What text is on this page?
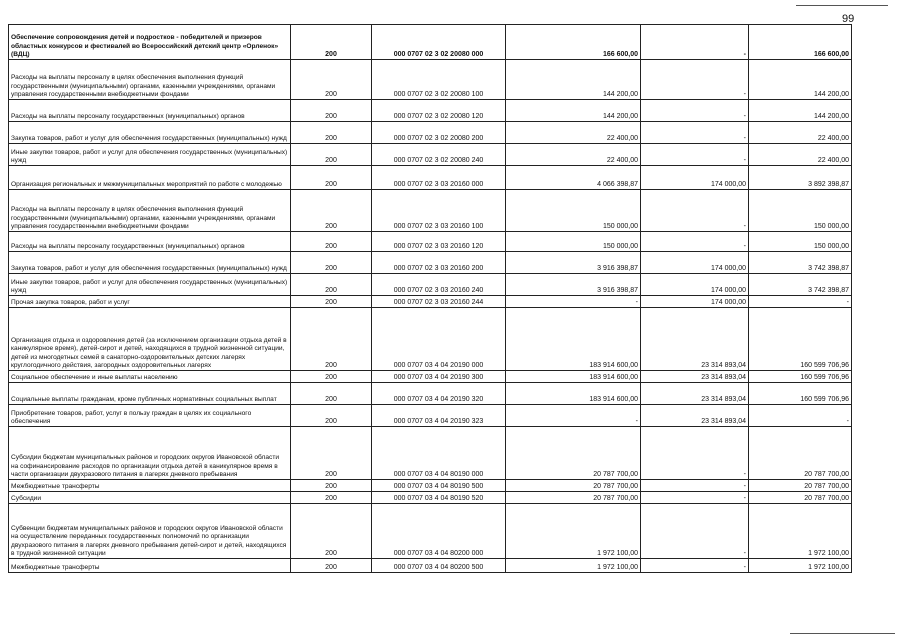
99
Обеспечение сопровождения детей и подростков - победителей и призеров областных конкурсов и фестивалей во Всероссийский детский центр «Орленок» (ВДЦ)	200	000 0707 02 3 02 20080 000	166 600,00	-	166 600,00
Расходы на выплаты персоналу в целях обеспечения выполнения функций государственными (муниципальными) органами, казенными учреждениями, органами управления государственными внебюджетными фондами	200	000 0707 02 3 02 20080 100	144 200,00	-	144 200,00
Расходы на выплаты персоналу государственных (муниципальных) органов	200	000 0707 02 3 02 20080 120	144 200,00	-	144 200,00
Закупка товаров, работ и услуг для обеспечения государственных (муниципальных) нужд	200	000 0707 02 3 02 20080 200	22 400,00	-	22 400,00
Иные закупки товаров, работ и услуг для обеспечения государственных (муниципальных) нужд	200	000 0707 02 3 02 20080 240	22 400,00	-	22 400,00
Организация региональных и межмуниципальных мероприятий по работе с молодежью	200	000 0707 02 3 03 20160 000	4 066 398,87	174 000,00	3 892 398,87
Расходы на выплаты персоналу в целях обеспечения выполнения функций государственными (муниципальными) органами, казенными учреждениями, органами управления государственными внебюджетными фондами	200	000 0707 02 3 03 20160 100	150 000,00	-	150 000,00
Расходы на выплаты персоналу государственных (муниципальных) органов	200	000 0707 02 3 03 20160 120	150 000,00	-	150 000,00
Закупка товаров, работ и услуг для обеспечения государственных (муниципальных) нужд	200	000 0707 02 3 03 20160 200	3 916 398,87	174 000,00	3 742 398,87
Иные закупки товаров, работ и услуг для обеспечения государственных (муниципальных) нужд	200	000 0707 02 3 03 20160 240	3 916 398,87	174 000,00	3 742 398,87
Прочая закупка товаров, работ и услуг	200	000 0707 02 3 03 20160 244	-	174 000,00	-
Организация отдыха и оздоровления детей (за исключением организации отдыха детей в каникулярное время), детей-сирот и детей, находящихся в трудной жизненной ситуации, детей из многодетных семей в санаторно-оздоровительных детских лагерях круглогодичного действия, загородных оздоровительных лагерях	200	000 0707 03 4 04 20190 000	183 914 600,00	23 314 893,04	160 599 706,96
Социальное обеспечение и иные выплаты населению	200	000 0707 03 4 04 20190 300	183 914 600,00	23 314 893,04	160 599 706,96
Социальные выплаты гражданам, кроме публичных нормативных социальных выплат	200	000 0707 03 4 04 20190 320	183 914 600,00	23 314 893,04	160 599 706,96
Приобретение товаров, работ, услуг в пользу граждан в целях их социального обеспечения	200	000 0707 03 4 04 20190 323	-	23 314 893,04	-
Субсидии бюджетам муниципальных районов и городских округов Ивановской области на софинансирование расходов по организации отдыха детей в каникулярное время в части организации двухразового питания в лагерях дневного пребывания	200	000 0707 03 4 04 80190 000	20 787 700,00	-	20 787 700,00
Межбюджетные трансферты	200	000 0707 03 4 04 80190 500	20 787 700,00	-	20 787 700,00
Субсидии	200	000 0707 03 4 04 80190 520	20 787 700,00	-	20 787 700,00
Субвенции бюджетам муниципальных районов и городских округов Ивановской области на осуществление переданных государственных полномочий по организации двухразового питания в лагерях дневного пребывания детей-сирот и детей, находящихся в трудной жизненной ситуации	200	000 0707 03 4 04 80200 000	1 972 100,00	-	1 972 100,00
Межбюджетные трансферты	200	000 0707 03 4 04 80200 500	1 972 100,00	-	1 972 100,00
